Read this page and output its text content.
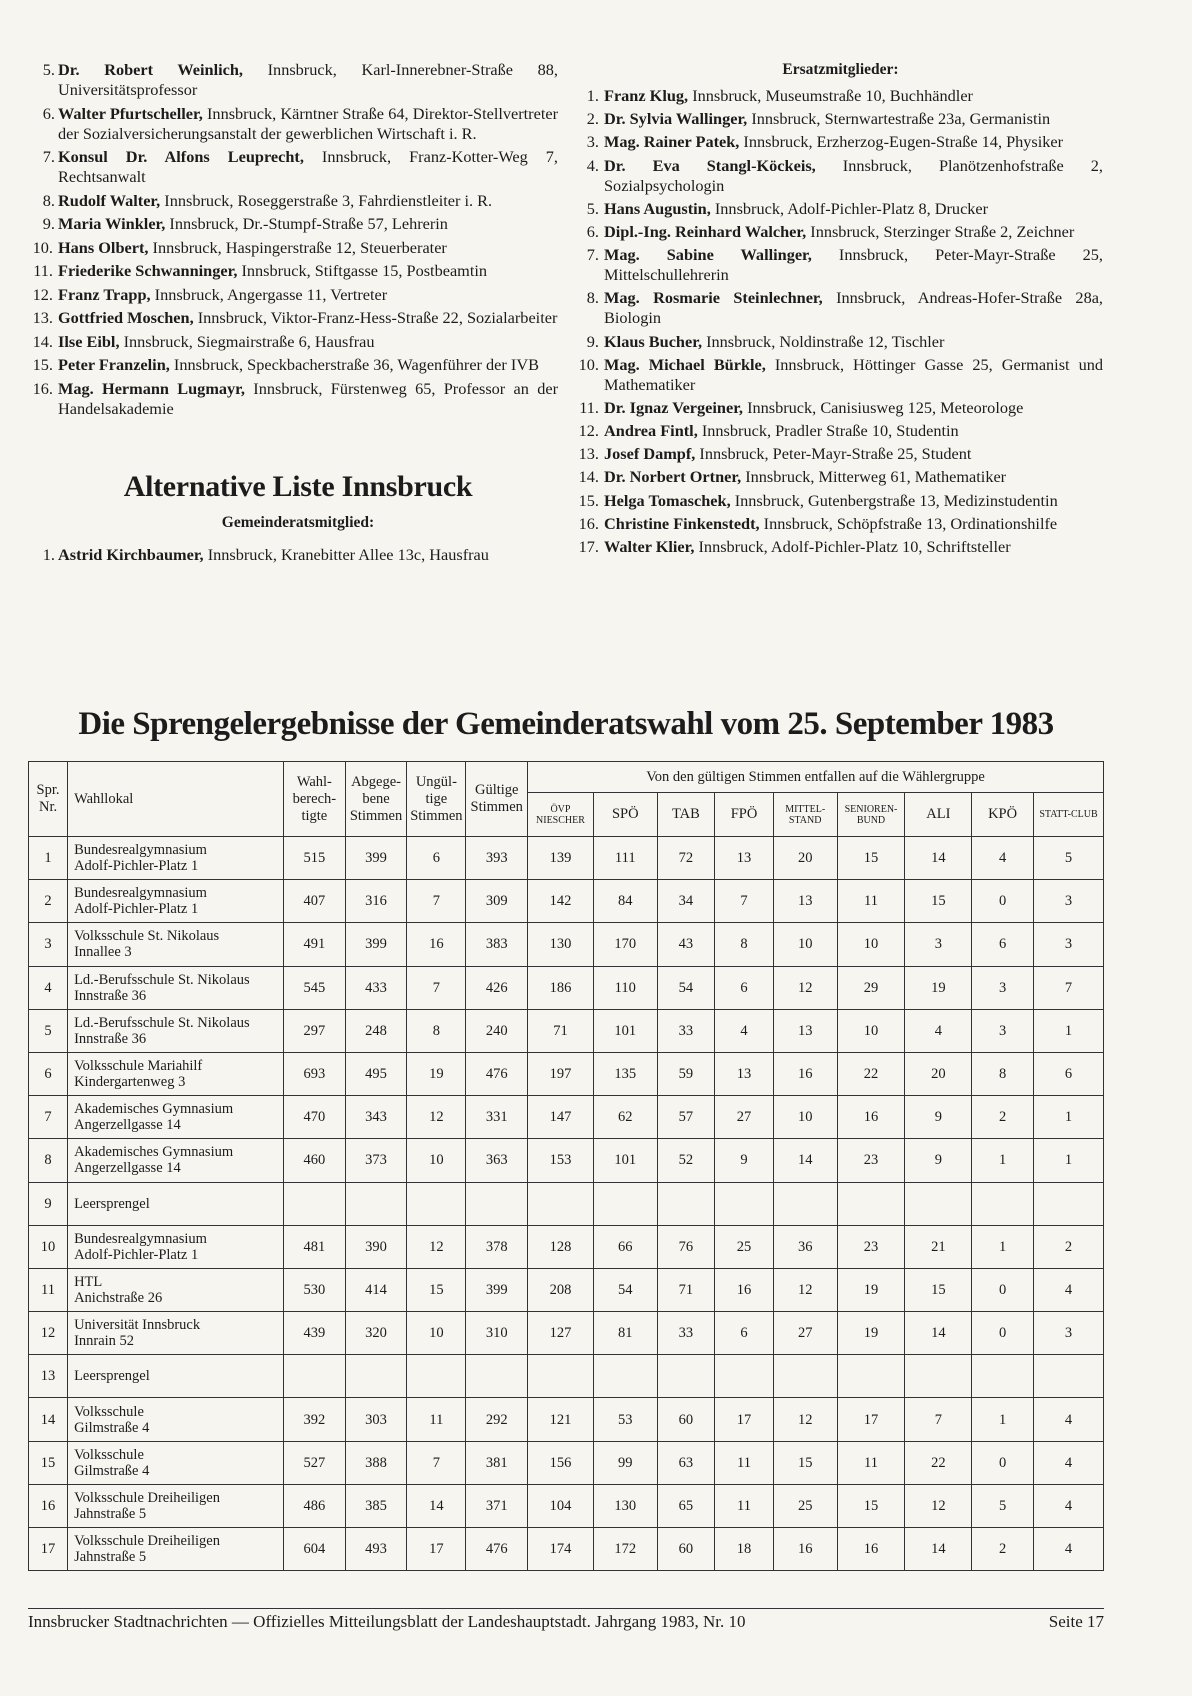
5. Dr. Robert Weinlich, Innsbruck, Karl-Innerebner-Straße 88, Universitätsprofessor
6. Walter Pfurtscheller, Innsbruck, Kärntner Straße 64, Direktor-Stellvertreter der Sozialversicherungsanstalt der gewerblichen Wirtschaft i. R.
7. Konsul Dr. Alfons Leuprecht, Innsbruck, Franz-Kotter-Weg 7, Rechtsanwalt
8. Rudolf Walter, Innsbruck, Roseggerstraße 3, Fahrdienstleiter i. R.
9. Maria Winkler, Innsbruck, Dr.-Stumpf-Straße 57, Lehrerin
10. Hans Olbert, Innsbruck, Haspingerstraße 12, Steuerberater
11. Friederike Schwanninger, Innsbruck, Stiftgasse 15, Postbeamtin
12. Franz Trapp, Innsbruck, Angergasse 11, Vertreter
13. Gottfried Moschen, Innsbruck, Viktor-Franz-Hess-Straße 22, Sozialarbeiter
14. Ilse Eibl, Innsbruck, Siegmairstraße 6, Hausfrau
15. Peter Franzelin, Innsbruck, Speckbacherstraße 36, Wagenführer der IVB
16. Mag. Hermann Lugmayr, Innsbruck, Fürstenweg 65, Professor an der Handelsakademie
Alternative Liste Innsbruck
Gemeinderatsmitglied:
1. Astrid Kirchbaumer, Innsbruck, Kranebitter Allee 13c, Hausfrau
Ersatzmitglieder:
1. Franz Klug, Innsbruck, Museumstraße 10, Buchhändler
2. Dr. Sylvia Wallinger, Innsbruck, Sternwartestraße 23a, Germanistin
3. Mag. Rainer Patek, Innsbruck, Erzherzog-Eugen-Straße 14, Physiker
4. Dr. Eva Stangl-Köckeis, Innsbruck, Planötzenhofstraße 2, Sozialpsychologin
5. Hans Augustin, Innsbruck, Adolf-Pichler-Platz 8, Drucker
6. Dipl.-Ing. Reinhard Walcher, Innsbruck, Sterzinger Straße 2, Zeichner
7. Mag. Sabine Wallinger, Innsbruck, Peter-Mayr-Straße 25, Mittelschullehrerin
8. Mag. Rosmarie Steinlechner, Innsbruck, Andreas-Hofer-Straße 28a, Biologin
9. Klaus Bucher, Innsbruck, Noldinstraße 12, Tischler
10. Mag. Michael Bürkle, Innsbruck, Höttinger Gasse 25, Germanist und Mathematiker
11. Dr. Ignaz Vergeiner, Innsbruck, Canisiusweg 125, Meteorologe
12. Andrea Fintl, Innsbruck, Pradler Straße 10, Studentin
13. Josef Dampf, Innsbruck, Peter-Mayr-Straße 25, Student
14. Dr. Norbert Ortner, Innsbruck, Mitterweg 61, Mathematiker
15. Helga Tomaschek, Innsbruck, Gutenbergstraße 13, Medizinstudentin
16. Christine Finkenstedt, Innsbruck, Schöpfstraße 13, Ordinationshilfe
17. Walter Klier, Innsbruck, Adolf-Pichler-Platz 10, Schriftsteller
Die Sprengelergebnisse der Gemeinderatswahl vom 25. September 1983
Spr. Nr.	Wahllokal	Wahl- berech- tigte	Abgege- bene Stimmen	Ungül- tige Stimmen	Gültige Stimmen	Von den gültigen Stimmen entfallen auf die Wählergruppe								
						ÖVP NIESCHER	SPÖ	TAB	FPÖ	MITTEL-STAND	SENIOREN-BUND	ALI	KPÖ	STATT-CLUB
1	Bundesrealgymnasium
Adolf-Pichler-Platz 1	515	399	6	393	139	111	72	13	20	15	14	4	5
2	Bundesrealgymnasium
Adolf-Pichler-Platz 1	407	316	7	309	142	84	34	7	13	11	15	0	3
3	Volksschule St. Nikolaus
Innallee 3	491	399	16	383	130	170	43	8	10	10	3	6	3
4	Ld.-Berufsschule St. Nikolaus
Innstraße 36	545	433	7	426	186	110	54	6	12	29	19	3	7
5	Ld.-Berufsschule St. Nikolaus
Innstraße 36	297	248	8	240	71	101	33	4	13	10	4	3	1
6	Volksschule Mariahilf
Kindergartenweg 3	693	495	19	476	197	135	59	13	16	22	20	8	6
7	Akademisches Gymnasium
Angerzellgasse 14	470	343	12	331	147	62	57	27	10	16	9	2	1
8	Akademisches Gymnasium
Angerzellgasse 14	460	373	10	363	153	101	52	9	14	23	9	1	1
9	Leersprengel													

10	Bundesrealgymnasium
Adolf-Pichler-Platz 1	481	390	12	378	128	66	76	25	36	23	21	1	2
11	HTL
Anichstraße 26	530	414	15	399	208	54	71	16	12	19	15	0	4
12	Universität Innsbruck
Innrain 52	439	320	10	310	127	81	33	6	27	19	14	0	3
13	Leersprengel													

14	Volksschule
Gilmstraße 4	392	303	11	292	121	53	60	17	12	17	7	1	4
15	Volksschule
Gilmstraße 4	527	388	7	381	156	99	63	11	15	11	22	0	4
16	Volksschule Dreiheiligen
Jahnstraße 5	486	385	14	371	104	130	65	11	25	15	12	5	4
17	Volksschule Dreiheiligen
Jahnstraße 5	604	493	17	476	174	172	60	18	16	16	14	2	4
Innsbrucker Stadtnachrichten — Offizielles Mitteilungsblatt der Landeshauptstadt. Jahrgang 1983, Nr. 10	Seite 17
